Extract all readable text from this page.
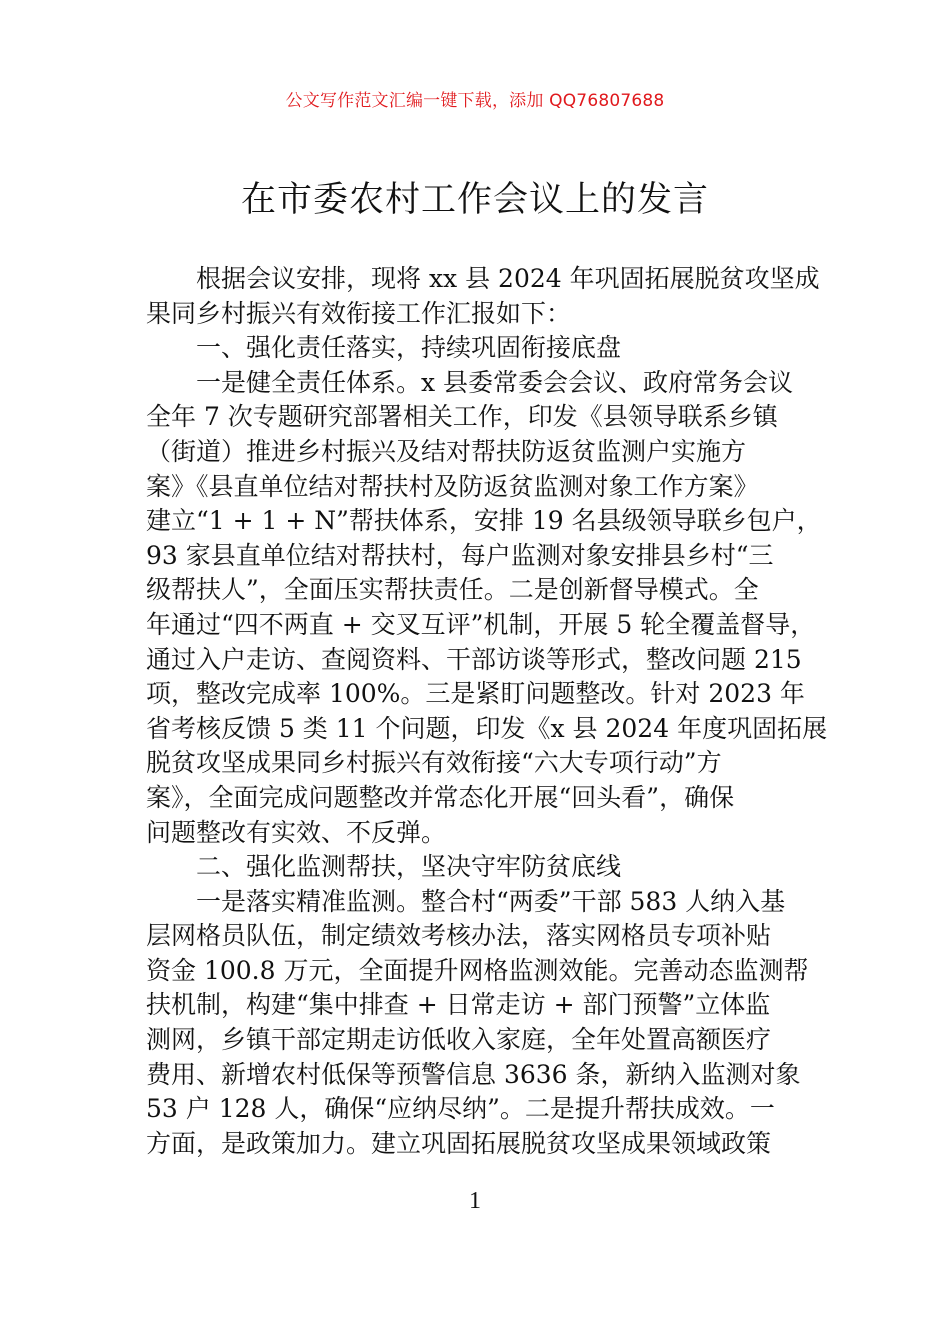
公文写作范文汇编一键下载，添加 QQ76807688
在市委农村工作会议上的发言
根据会议安排，现将 xx 县 2024 年巩固拓展脱贫攻坚成
果同乡村振兴有效衔接工作汇报如下：
一、强化责任落实，持续巩固衔接底盘
一是健全责任体系。x 县委常委会会议、政府常务会议
全年 7 次专题研究部署相关工作，印发《县领导联系乡镇
（街道）推进乡村振兴及结对帮扶防返贫监测户实施方
案》《县直单位结对帮扶村及防返贫监测对象工作方案》
建立“1 + 1 + N”帮扶体系，安排 19 名县级领导联乡包户，
93 家县直单位结对帮扶村，每户监测对象安排县乡村“三
级帮扶人”，全面压实帮扶责任。二是创新督导模式。全
年通过“四不两直 + 交叉互评”机制，开展 5 轮全覆盖督导，
通过入户走访、查阅资料、干部访谈等形式，整改问题 215
项，整改完成率 100%。三是紧盯问题整改。针对 2023 年
省考核反馈 5 类 11 个问题，印发《x 县 2024 年度巩固拓展
脱贫攻坚成果同乡村振兴有效衔接“六大专项行动”方
案》，全面完成问题整改并常态化开展“回头看”，确保
问题整改有实效、不反弹。
二、强化监测帮扶，坚决守牢防贫底线
一是落实精准监测。整合村“两委”干部 583 人纳入基
层网格员队伍，制定绩效考核办法，落实网格员专项补贴
资金 100.8 万元，全面提升网格监测效能。完善动态监测帮
扶机制，构建“集中排查 + 日常走访 + 部门预警”立体监
测网，乡镇干部定期走访低收入家庭，全年处置高额医疗
费用、新增农村低保等预警信息 3636 条，新纳入监测对象
53 户 128 人，确保“应纳尽纳”。二是提升帮扶成效。一
方面，是政策加力。建立巩固拓展脱贫攻坚成果领域政策
1
